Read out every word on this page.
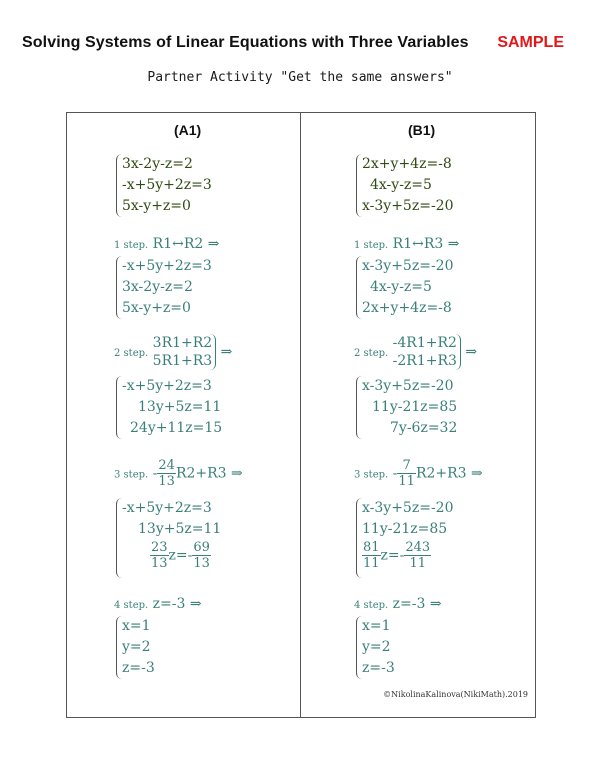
Solving Systems of Linear Equations with Three Variables SAMPLE
Partner Activity "Get the same answers"
(A1)
3x-2y-z=2
-x+5y+2z=3
5x-y+z=0
1 step. R1↔R2 ⇒
-x+5y+2z=3
3x-2y-z=2
5x-y+z=0
2 step.
3R1+R2
5R1+R3
⇒
-x+5y+2z=3
13y+5z=11
24y+11z=15
3 step. - $\frac{24}{13} R2+R3$ ⇒
-x+5y+2z=3
13y+5z=11
$\frac{23}{13} z=- \frac{69}{13}$
4 step. z=-3 ⇒
x=1
y=2
z=-3
(B1)
2x+y+4z=-8
4x-y-z=5
x-3y+5z=-20
1 step. R1↔R3 ⇒
x-3y+5z=-20
4x-y-z=5
2x+y+4z=-8
2 step.
-4R1+R2
-2R1+R3
⇒
x-3y+5z=-20
11y-21z=85
7y-6z=32
3 step. - $\frac{7}{11} R2+R3$ ⇒
x-3y+5z=-20
11y-21z=85
$\frac{81}{11} z=- \frac{243}{11}$
4 step. z=-3 ⇒
x=1
y=2
z=-3
©NikolinaKalinova(NikiMath).2019
